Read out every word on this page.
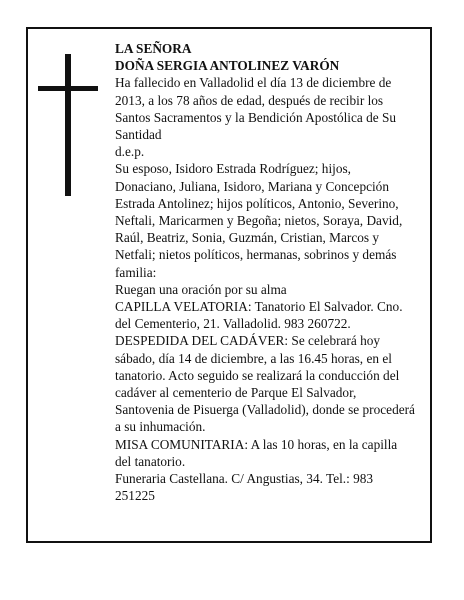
LA SEÑORA

DOÑA SERGIA ANTOLINEZ VARÓN

Ha fallecido en Valladolid el día 13 de diciembre de 2013, a los 78 años de edad, después de recibir los Santos Sacramentos y la Bendición Apostólica de Su Santidad

d.e.p.

Su esposo, Isidoro Estrada Rodríguez; hijos, Donaciano, Juliana, Isidoro, Mariana y Concepción Estrada Antolinez; hijos políticos, Antonio, Severino, Neftali, Maricarmen y Begoña; nietos, Soraya, David, Raúl, Beatriz, Sonia, Guzmán, Cristian, Marcos y Netfali; nietos políticos, hermanas, sobrinos y demás familia:

Ruegan una oración por su alma

CAPILLA VELATORIA: Tanatorio El Salvador. Cno. del Cementerio, 21. Valladolid. 983 260722.

DESPEDIDA DEL CADÁVER: Se celebrará hoy sábado, día 14 de diciembre, a las 16.45 horas, en el tanatorio. Acto seguido se realizará la conducción del cadáver al cementerio de Parque El Salvador, Santovenia de Pisuerga (Valladolid), donde se procederá a su inhumación.

MISA COMUNITARIA: A las 10 horas, en la capilla del tanatorio.

Funeraria Castellana. C/ Angustias, 34. Tel.: 983 251225
